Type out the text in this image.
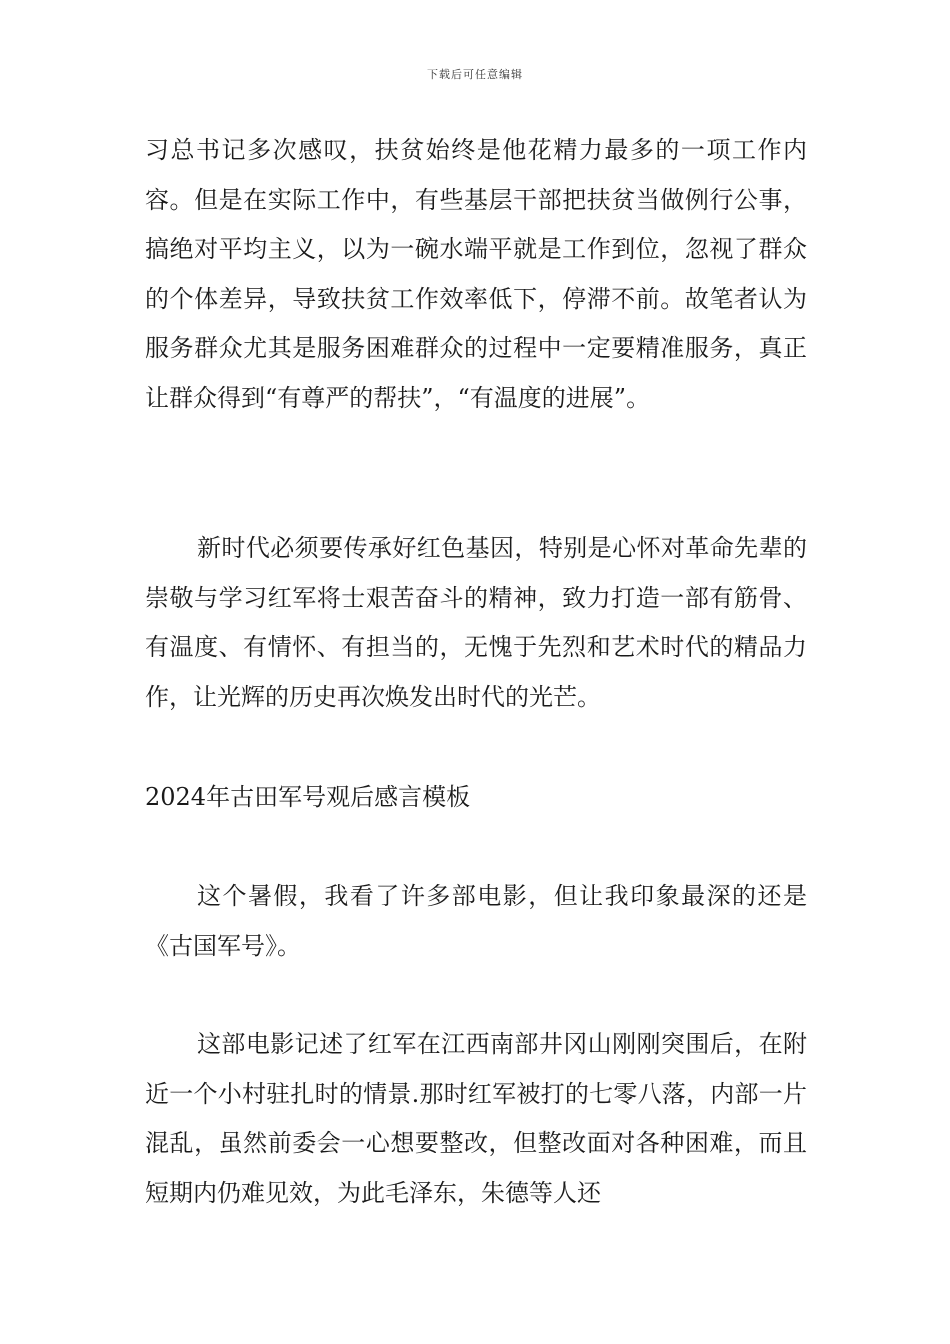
下载后可任意编辑

习总书记多次感叹，扶贫始终是他花精力最多的一项工作内容。但是在实际工作中，有些基层干部把扶贫当做例行公事，搞绝对平均主义，以为一碗水端平就是工作到位，忽视了群众的个体差异，导致扶贫工作效率低下，停滞不前。故笔者认为服务群众尤其是服务困难群众的过程中一定要精准服务，真正让群众得到“有尊严的帮扶”，“有温度的进展”。

新时代必须要传承好红色基因，特别是心怀对革命先辈的崇敬与学习红军将士艰苦奋斗的精神，致力打造一部有筋骨、有温度、有情怀、有担当的，无愧于先烈和艺术时代的精品力作，让光辉的历史再次焕发出时代的光芒。

2024年古田军号观后感言模板

这个暑假，我看了许多部电影，但让我印象最深的还是《古国军号》。

这部电影记述了红军在江西南部井冈山刚刚突围后，在附近一个小村驻扎时的情景.那时红军被打的七零八落，内部一片混乱，虽然前委会一心想要整改，但整改面对各种困难，而且短期内仍难见效，为此毛泽东，朱德等人还
